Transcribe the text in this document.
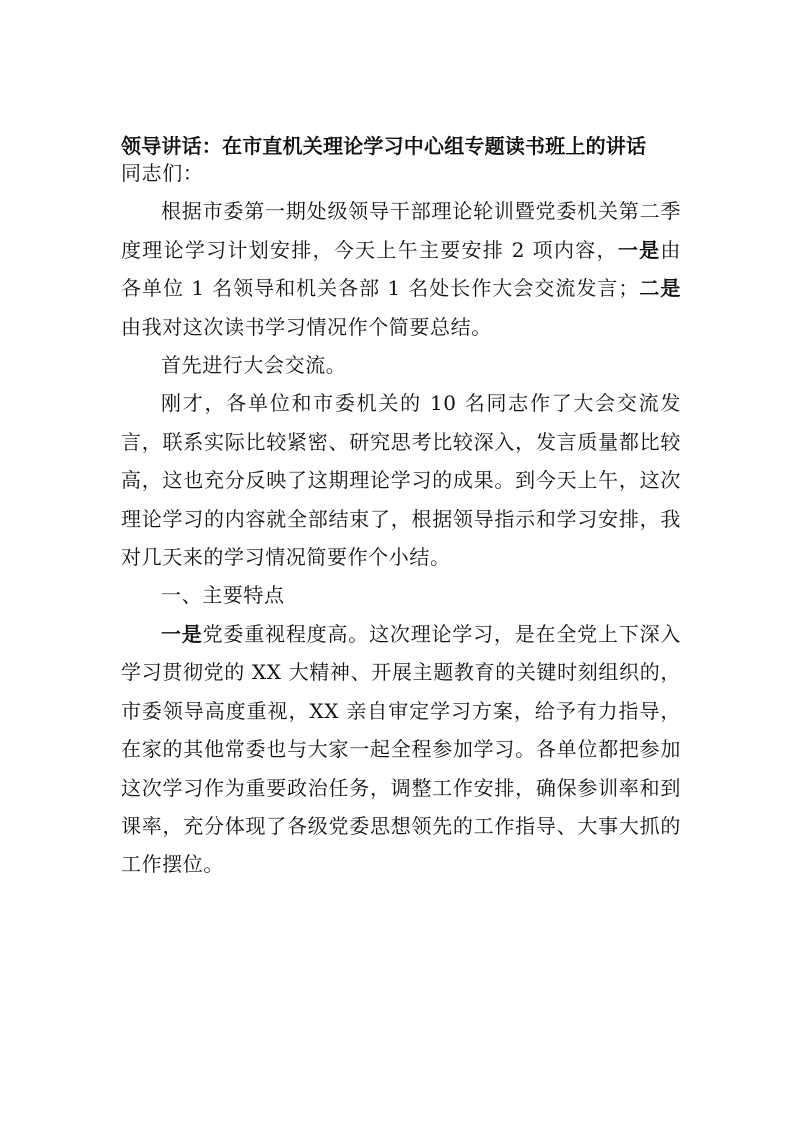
领导讲话：在市直机关理论学习中心组专题读书班上的讲话

同志们：

根据市委第一期处级领导干部理论轮训暨党委机关第二季度理论学习计划安排，今天上午主要安排 2 项内容，一是由各单位 1 名领导和机关各部 1 名处长作大会交流发言；二是由我对这次读书学习情况作个简要总结。

首先进行大会交流。

刚才，各单位和市委机关的 10 名同志作了大会交流发言，联系实际比较紧密、研究思考比较深入，发言质量都比较高，这也充分反映了这期理论学习的成果。到今天上午，这次理论学习的内容就全部结束了，根据领导指示和学习安排，我对几天来的学习情况简要作个小结。

一、主要特点

一是党委重视程度高。这次理论学习，是在全党上下深入学习贯彻党的 XX 大精神、开展主题教育的关键时刻组织的，市委领导高度重视，XX 亲自审定学习方案，给予有力指导，在家的其他常委也与大家一起全程参加学习。各单位都把参加这次学习作为重要政治任务，调整工作安排，确保参训率和到课率，充分体现了各级党委思想领先的工作指导、大事大抓的工作摆位。
